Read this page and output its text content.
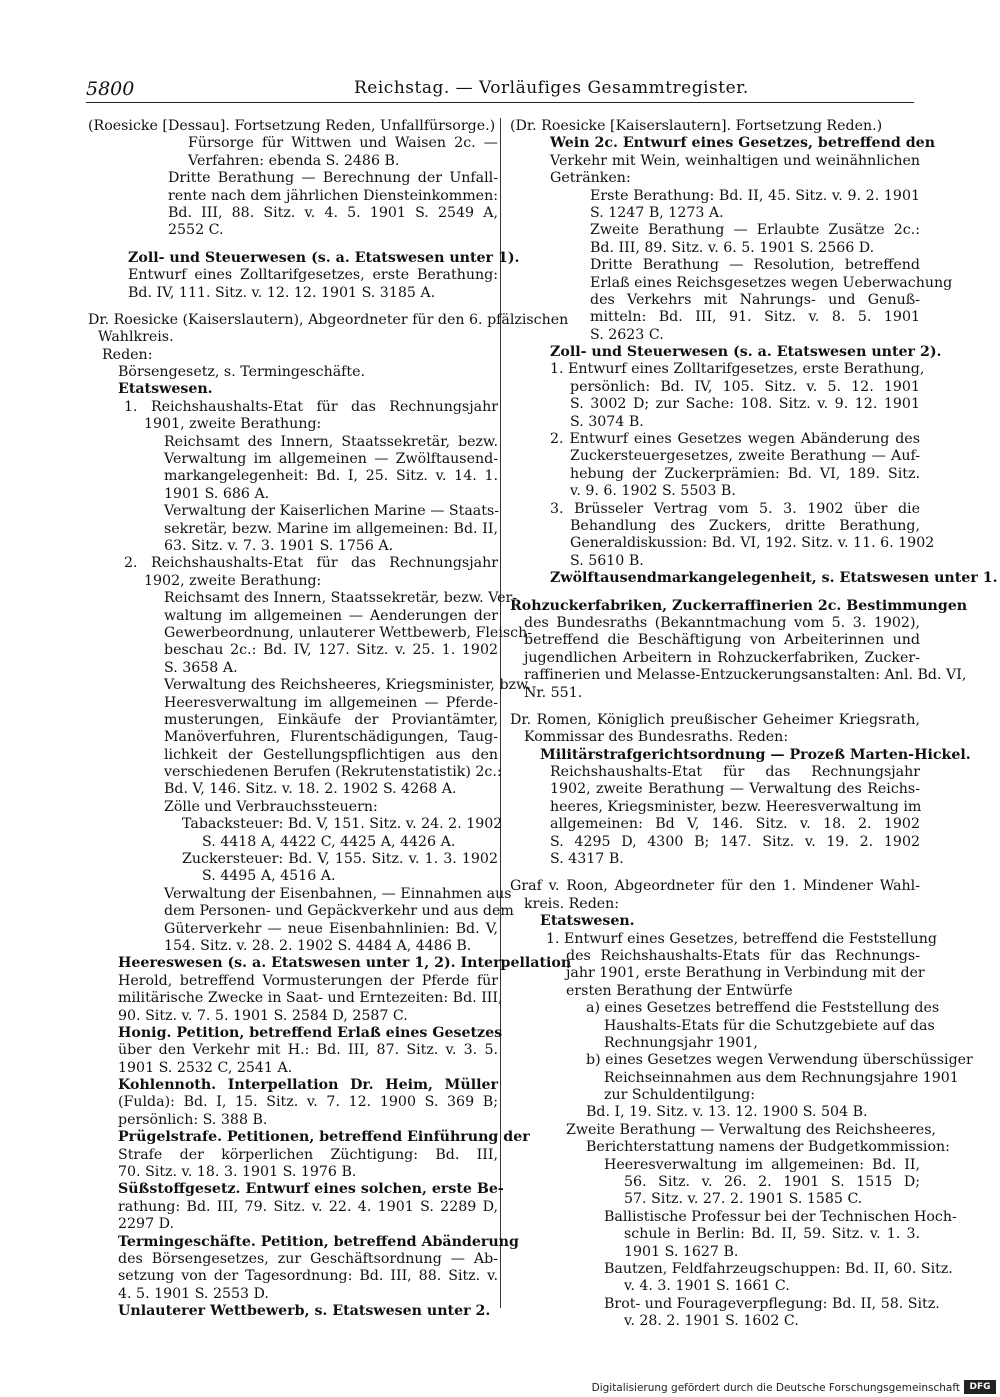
5800	Reichstag. — Vorläufiges Gesammtregister.
(Roesicke [Dessau]. Fortsetzung Reden, Unfallfürsorge.)
Fürsorge für Wittwen und Waisen 2c. —
Verfahren: ebenda S. 2486 B.
Dritte Berathung — Berechnung der Unfall-
rente nach dem jährlichen Diensteinkommen:
Bd. III, 88. Sitz. v. 4. 5. 1901 S. 2549 A,
2552 C.
Zoll- und Steuerwesen (s. a. Etatswesen unter 1).
Entwurf eines Zolltarifgesetzes, erste Berathung:
Bd. IV, 111. Sitz. v. 12. 12. 1901 S. 3185 A.
Dr. Roesicke (Kaiserslautern), Abgeordneter für den 6. pfälzischen
Wahlkreis.
Reden:
Börsengesetz, s. Termingeschäfte.
Etatswesen.
1. Reichshaushalts-Etat für das Rechnungsjahr
1901, zweite Berathung:
Reichsamt des Innern, Staatssekretär, bezw.
Verwaltung im allgemeinen — Zwölftausend-
markangelegenheit: Bd. I, 25. Sitz. v. 14. 1.
1901 S. 686 A.
Verwaltung der Kaiserlichen Marine — Staats-
sekretär, bezw. Marine im allgemeinen: Bd. II,
63. Sitz. v. 7. 3. 1901 S. 1756 A.
2. Reichshaushalts-Etat für das Rechnungsjahr
1902, zweite Berathung:
Reichsamt des Innern, Staatssekretär, bezw. Ver-
waltung im allgemeinen — Aenderungen der
Gewerbeordnung, unlauterer Wettbewerb, Fleisch-
beschau 2c.: Bd. IV, 127. Sitz. v. 25. 1. 1902
S. 3658 A.
Verwaltung des Reichsheeres, Kriegsminister, bzw.
Heeresverwaltung im allgemeinen — Pferde-
musterungen, Einkäufe der Proviantämter,
Manöverfuhren, Flurentschädigungen, Taug-
lichkeit der Gestellungspflichtigen aus den
verschiedenen Berufen (Rekrutenstatistik) 2c.:
Bd. V, 146. Sitz. v. 18. 2. 1902 S. 4268 A.
Zölle und Verbrauchssteuern:
Tabacksteuer: Bd. V, 151. Sitz. v. 24. 2. 1902
S. 4418 A, 4422 C, 4425 A, 4426 A.
Zuckersteuer: Bd. V, 155. Sitz. v. 1. 3. 1902
S. 4495 A, 4516 A.
Verwaltung der Eisenbahnen, — Einnahmen aus
dem Personen- und Gepäckverkehr und aus dem
Güterverkehr — neue Eisenbahnlinien: Bd. V,
154. Sitz. v. 28. 2. 1902 S. 4484 A, 4486 B.
Heereswesen (s. a. Etatswesen unter 1, 2). Interpellation
Herold, betreffend Vormusterungen der Pferde für
militärische Zwecke in Saat- und Erntezeiten: Bd. III,
90. Sitz. v. 7. 5. 1901 S. 2584 D, 2587 C.
Honig. Petition, betreffend Erlaß eines Gesetzes
über den Verkehr mit H.: Bd. III, 87. Sitz. v. 3. 5.
1901 S. 2532 C, 2541 A.
Kohlennoth. Interpellation Dr. Heim, Müller
(Fulda): Bd. I, 15. Sitz. v. 7. 12. 1900 S. 369 B;
persönlich: S. 388 B.
Prügelstrafe. Petitionen, betreffend Einführung der
Strafe der körperlichen Züchtigung: Bd. III,
70. Sitz. v. 18. 3. 1901 S. 1976 B.
Süßstoffgesetz. Entwurf eines solchen, erste Be-
rathung: Bd. III, 79. Sitz. v. 22. 4. 1901 S. 2289 D,
2297 D.
Termingeschäfte. Petition, betreffend Abänderung
des Börsengesetzes, zur Geschäftsordnung — Ab-
setzung von der Tagesordnung: Bd. III, 88. Sitz. v.
4. 5. 1901 S. 2553 D.
Unlauterer Wettbewerb, s. Etatswesen unter 2.
(Dr. Roesicke [Kaiserslautern]. Fortsetzung Reden.)
Wein 2c. Entwurf eines Gesetzes, betreffend den
Verkehr mit Wein, weinhaltigen und weinähnlichen
Getränken:
Erste Berathung: Bd. II, 45. Sitz. v. 9. 2. 1901
S. 1247 B, 1273 A.
Zweite Berathung — Erlaubte Zusätze 2c.:
Bd. III, 89. Sitz. v. 6. 5. 1901 S. 2566 D.
Dritte Berathung — Resolution, betreffend
Erlaß eines Reichsgesetzes wegen Ueberwachung
des Verkehrs mit Nahrungs- und Genuß-
mitteln: Bd. III, 91. Sitz. v. 8. 5. 1901
S. 2623 C.
Zoll- und Steuerwesen (s. a. Etatswesen unter 2).
1. Entwurf eines Zolltarifgesetzes, erste Berathung,
persönlich: Bd. IV, 105. Sitz. v. 5. 12. 1901
S. 3002 D; zur Sache: 108. Sitz. v. 9. 12. 1901
S. 3074 B.
2. Entwurf eines Gesetzes wegen Abänderung des
Zuckersteuergesetzes, zweite Berathung — Auf-
hebung der Zuckerprämien: Bd. VI, 189. Sitz.
v. 9. 6. 1902 S. 5503 B.
3. Brüsseler Vertrag vom 5. 3. 1902 über die
Behandlung des Zuckers, dritte Berathung,
Generaldiskussion: Bd. VI, 192. Sitz. v. 11. 6. 1902
S. 5610 B.
Zwölftausendmarkangelegenheit, s. Etatswesen unter 1.
Rohzuckerfabriken, Zuckerraffinerien 2c. Bestimmungen
des Bundesraths (Bekanntmachung vom 5. 3. 1902),
betreffend die Beschäftigung von Arbeiterinnen und
jugendlichen Arbeitern in Rohzuckerfabriken, Zucker-
raffinerien und Melasse-Entzuckerungsanstalten: Anl. Bd. VI,
Nr. 551.
Dr. Romen, Königlich preußischer Geheimer Kriegsrath,
Kommissar des Bundesraths. Reden:
Militärstrafgerichtsordnung — Prozeß Marten-Hickel.
Reichshaushalts-Etat für das Rechnungsjahr
1902, zweite Berathung — Verwaltung des Reichs-
heeres, Kriegsminister, bezw. Heeresverwaltung im
allgemeinen: Bd V, 146. Sitz. v. 18. 2. 1902
S. 4295 D, 4300 B; 147. Sitz. v. 19. 2. 1902
S. 4317 B.
Graf v. Roon, Abgeordneter für den 1. Mindener Wahl-
kreis. Reden:
Etatswesen.
1. Entwurf eines Gesetzes, betreffend die Feststellung
des Reichshaushalts-Etats für das Rechnungs-
jahr 1901, erste Berathung in Verbindung mit der
ersten Berathung der Entwürfe
a) eines Gesetzes betreffend die Feststellung des
Haushalts-Etats für die Schutzgebiete auf das
Rechnungsjahr 1901,
b) eines Gesetzes wegen Verwendung überschüssiger
Reichseinnahmen aus dem Rechnungsjahre 1901
zur Schuldentilgung:
Bd. I, 19. Sitz. v. 13. 12. 1900 S. 504 B.
Zweite Berathung — Verwaltung des Reichsheeres,
Berichterstattung namens der Budgetkommission:
Heeresverwaltung im allgemeinen: Bd. II,
56. Sitz. v. 26. 2. 1901 S. 1515 D;
57. Sitz. v. 27. 2. 1901 S. 1585 C.
Ballistische Professur bei der Technischen Hoch-
schule in Berlin: Bd. II, 59. Sitz. v. 1. 3.
1901 S. 1627 B.
Bautzen, Feldfahrzeugschuppen: Bd. II, 60. Sitz.
v. 4. 3. 1901 S. 1661 C.
Brot- und Fourageverpflegung: Bd. II, 58. Sitz.
v. 28. 2. 1901 S. 1602 C.
Digitalisierung gefördert durch die Deutsche Forschungsgemeinschaft	DFG
